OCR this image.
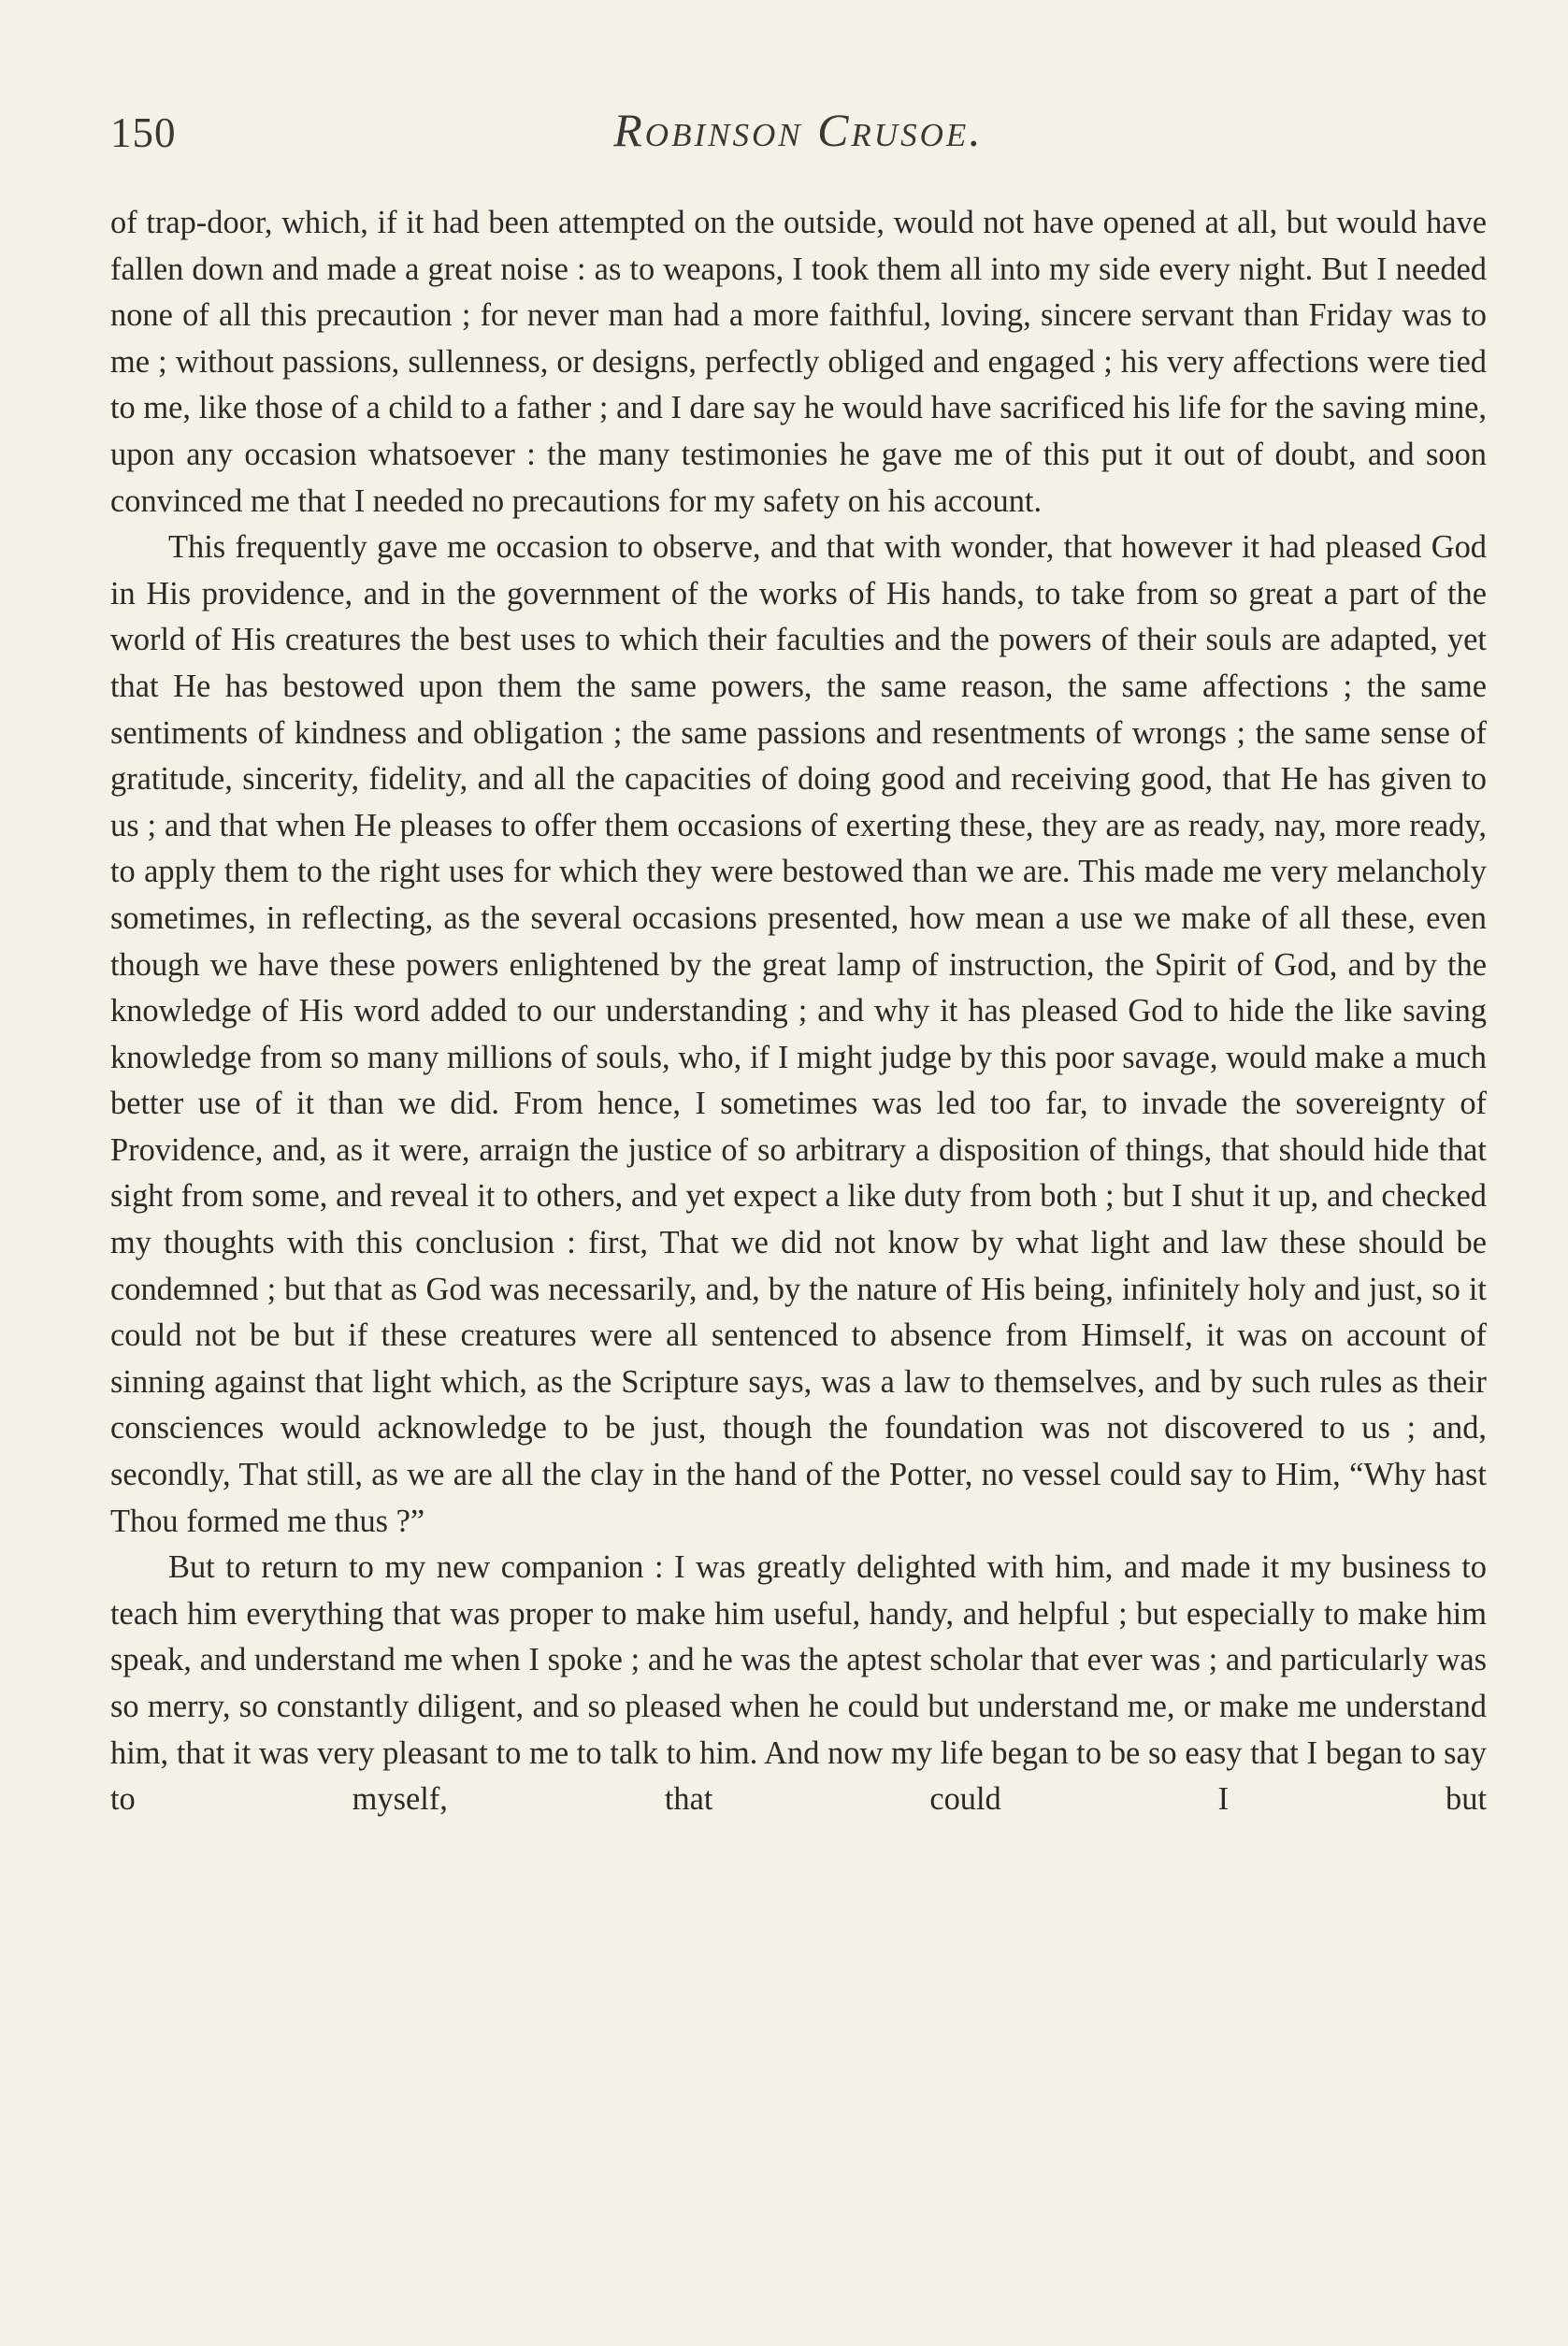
150	Robinson Crusoe.

of trap-door, which, if it had been attempted on the outside, would not have opened at all, but would have fallen down and made a great noise : as to weapons, I took them all into my side every night. But I needed none of all this precaution ; for never man had a more faithful, loving, sincere servant than Friday was to me ; without passions, sullenness, or designs, perfectly obliged and engaged ; his very affections were tied to me, like those of a child to a father ; and I dare say he would have sacrificed his life for the saving mine, upon any occasion whatsoever : the many testimonies he gave me of this put it out of doubt, and soon convinced me that I needed no precautions for my safety on his account.

This frequently gave me occasion to observe, and that with wonder, that however it had pleased God in His providence, and in the government of the works of His hands, to take from so great a part of the world of His creatures the best uses to which their faculties and the powers of their souls are adapted, yet that He has bestowed upon them the same powers, the same reason, the same affections ; the same sentiments of kindness and obligation ; the same passions and resentments of wrongs ; the same sense of gratitude, sincerity, fidelity, and all the capacities of doing good and receiving good, that He has given to us ; and that when He pleases to offer them occasions of exerting these, they are as ready, nay, more ready, to apply them to the right uses for which they were bestowed than we are. This made me very melancholy sometimes, in reflecting, as the several occasions presented, how mean a use we make of all these, even though we have these powers enlightened by the great lamp of instruction, the Spirit of God, and by the knowledge of His word added to our understanding ; and why it has pleased God to hide the like saving knowledge from so many millions of souls, who, if I might judge by this poor savage, would make a much better use of it than we did. From hence, I sometimes was led too far, to invade the sovereignty of Providence, and, as it were, arraign the justice of so arbitrary a disposition of things, that should hide that sight from some, and reveal it to others, and yet expect a like duty from both ; but I shut it up, and checked my thoughts with this conclusion : first, That we did not know by what light and law these should be condemned ; but that as God was necessarily, and, by the nature of His being, infinitely holy and just, so it could not be but if these creatures were all sentenced to absence from Himself, it was on account of sinning against that light which, as the Scripture says, was a law to themselves, and by such rules as their consciences would acknowledge to be just, though the foundation was not discovered to us ; and, secondly, That still, as we are all the clay in the hand of the Potter, no vessel could say to Him, “Why hast Thou formed me thus ?”

But to return to my new companion : I was greatly delighted with him, and made it my business to teach him everything that was proper to make him useful, handy, and helpful ; but especially to make him speak, and understand me when I spoke ; and he was the aptest scholar that ever was ; and particularly was so merry, so constantly diligent, and so pleased when he could but understand me, or make me understand him, that it was very pleasant to me to talk to him. And now my life began to be so easy that I began to say to myself, that could I but
